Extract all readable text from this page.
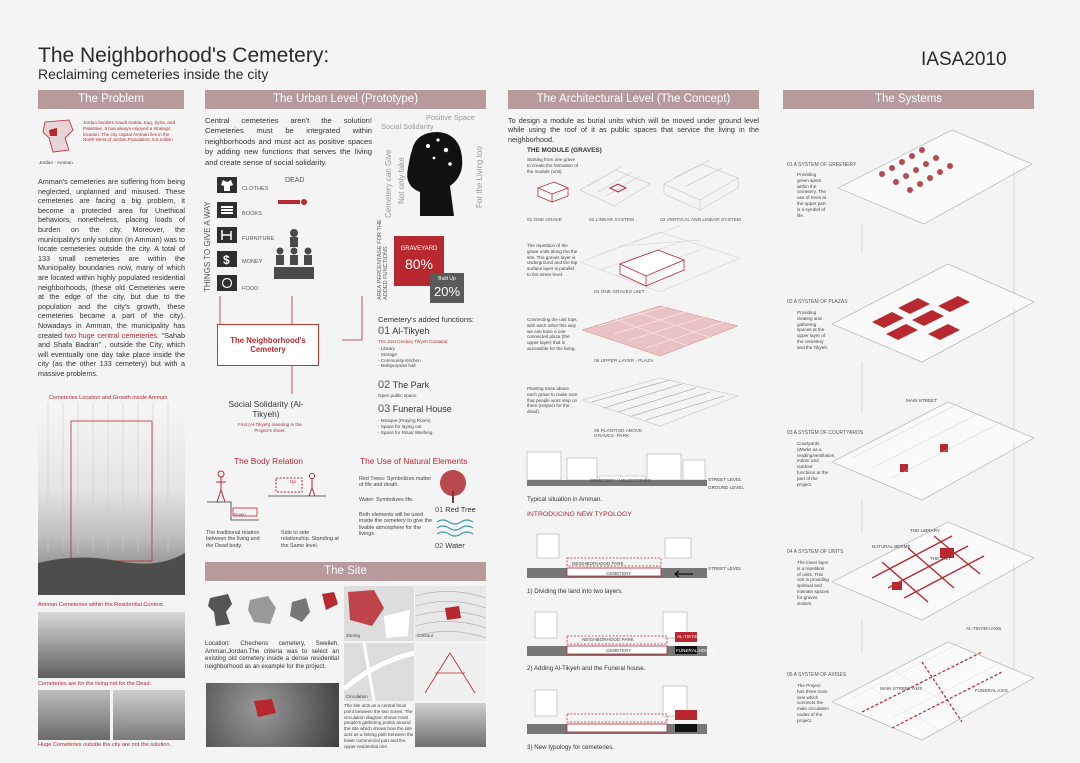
The Neighborhood's Cemetery:
Reclaiming cemeteries inside the city
IASA2010
The Problem	The Urban Level (Prototype)	The Architectural Level (The Concept)	The Systems
Jordan borders Saudi Arabia, Iraq, Syria, and Palestine. It has always enjoyed a strategic location. The city capital Amman lies in the North-West of Jordan.Population: 6.5 million
Jordan - Amman.
Amman's cemeteries are suffering from being neglected, unplanned and misused. These cemeteries are facing a big problem, it become a protected area for Unethical behaviors, nonetheless, placing loads of burden on the city. Moreover, the municipality's only solution (in Amman) was to locate cemeteries outside the city. A total of 133 small cemeteries are within the Municipality boundaries now, many of which are located within highly populated residential neighborhoods, (these old Cemeteries were at the edge of the city, but due to the population and the city's growth, these cemeteries became a part of the city). Nowadays in Amman, the municipality has created two huge central cemeteries. "Sahab and Shafa Badran" , outside the City, which will eventually one day take place inside the city (as the other 133 cemetery) but with a massive problems.
Cemeteries Location and Growth inside Amman
Amman Cemeteries within the Residential Context.
Cemeteries are for the living not for the Dead.
Huge Cemeteries outside the city are not the solution.
Central cemeteries aren't the solution! Cemeteries must be integrated within neighborhoods and must act as positive spaces by adding new functions that serves the living and create sense of social solidarity.
THINGS TO GIVE A WAY $
CLOTHES
BOOKS
FURNITURE
MONEY
FOOD
DEAD
The Neighborhood's Cemetery
Social Solidarity (Al-Tikyeh)
Find (Al-Tikyeh) meaning in the Project's sheet.
Cemetery can Give Not only take	For the Living too
Positive Space
Social Solidarity
AREA PERCENTAGE FOR THE ADDED FUNCTIONS	GRAVEYARD
80%
Built Up
20%
Cemetery's added functions:
01 Al-Tikyeh
The 21st Century Tikyeh Contains:
- Library
- Storage
- Community Kitchen
- Multipurpose hall
02 The Park
Open public space.
03 Funeral House
- Mosque (Praying Room)
- Space for laying out
- Space for Ritual Washing
The Body Relation
Up
Down
The traditional relation between the living and the Dead body.
Side to side relationship. Standing at the Same level.
The Use of Natural Elements
Red Trees: Symbolizes matter of life and death.
Water: Symbolizes life.
Both elements will be used inside the cemetery to give the livable atmosphere for the livings.
01 Red Tree
02 Water
The Site
Location: Chechens cemetery, Sweileh, Amman,Jordan.The criteria was to select an existing old cemetery inside a dense residential neighborhood as an example for the project.
Zoning	Contour
Circulation
The site acts as a central focal point between the two zones. The circulation diagram shows most people's gathering points around the site which shows how the site acts as a linking path between the lower commercial part and the upper residential one.
To design a module as burial units which will be moved under ground level while using the roof of it as public spaces that service the living in the neighborhood.
THE MODULE (GRAVES)
Starting from one grave to create the formation of the module (unit).
01 ONE GRAVE	02 LINEAR SYSTEM	03 VERTICAL AND LINEAR SYSTEM
The repetition of the grave units along the the site. The graves layer is underground and the top surface layer is parallel to the street level.
04 ONE GRAVES UNIT
Connecting the unit tops with each other this way we can have a one connected plaza (the upper layer) that is accessible for the living.
05 UPPER LAYER - PLAZA
Planting trees above each grave to make sure that people wont step on them (respect for the dead).
06 PLANTING ABOVE GRAVES- PARK
CEMETERY / HEADSTONES	STREET LEVEL
GROUND LEVEL
Typical situation in Amman.
INTRODUCING NEW TYPOLOGY
NEIGHBORHOOD PARK
CEMETERY
STREET LEVEL
1) Dividing the land into two layers.
NEIGHBORHOOD PARK
CEMETERY
AL-TIKYEH
FUNERAL HOUSE
2) Adding Al-Tikyeh and the Funeral house.
3) New typology for cemeteries.
01 A SYSTEM OF GREENERY
Providing green spots within the cemetery. The use of trees at the upper part is a symbol of life.
02 A SYSTEM OF PLAZAS
Providing Seating and gathering spaces at the upper layer of the cemetery and the Tikyeh.
03 A SYSTEM OF COURTYARDS
Courtyards (Works as a reading/ventilation, indoor and outdoor functions at the part of the project.
04 A SYSTEM OF UNITS
The lower layer is a repetition of units. This unit is providing spiritual and intimate spaces for graves visitors.
05 A SYSTEM OF AXISES
The Project has three main axis which connects the main circulation nodes of the project.
MAIN STREET
THE LIBRARY
NATURAL BERME
AL-TIKYEH AXIS
MAIN STREET AXIS	FUNERAL AXIS
THE UNIT
